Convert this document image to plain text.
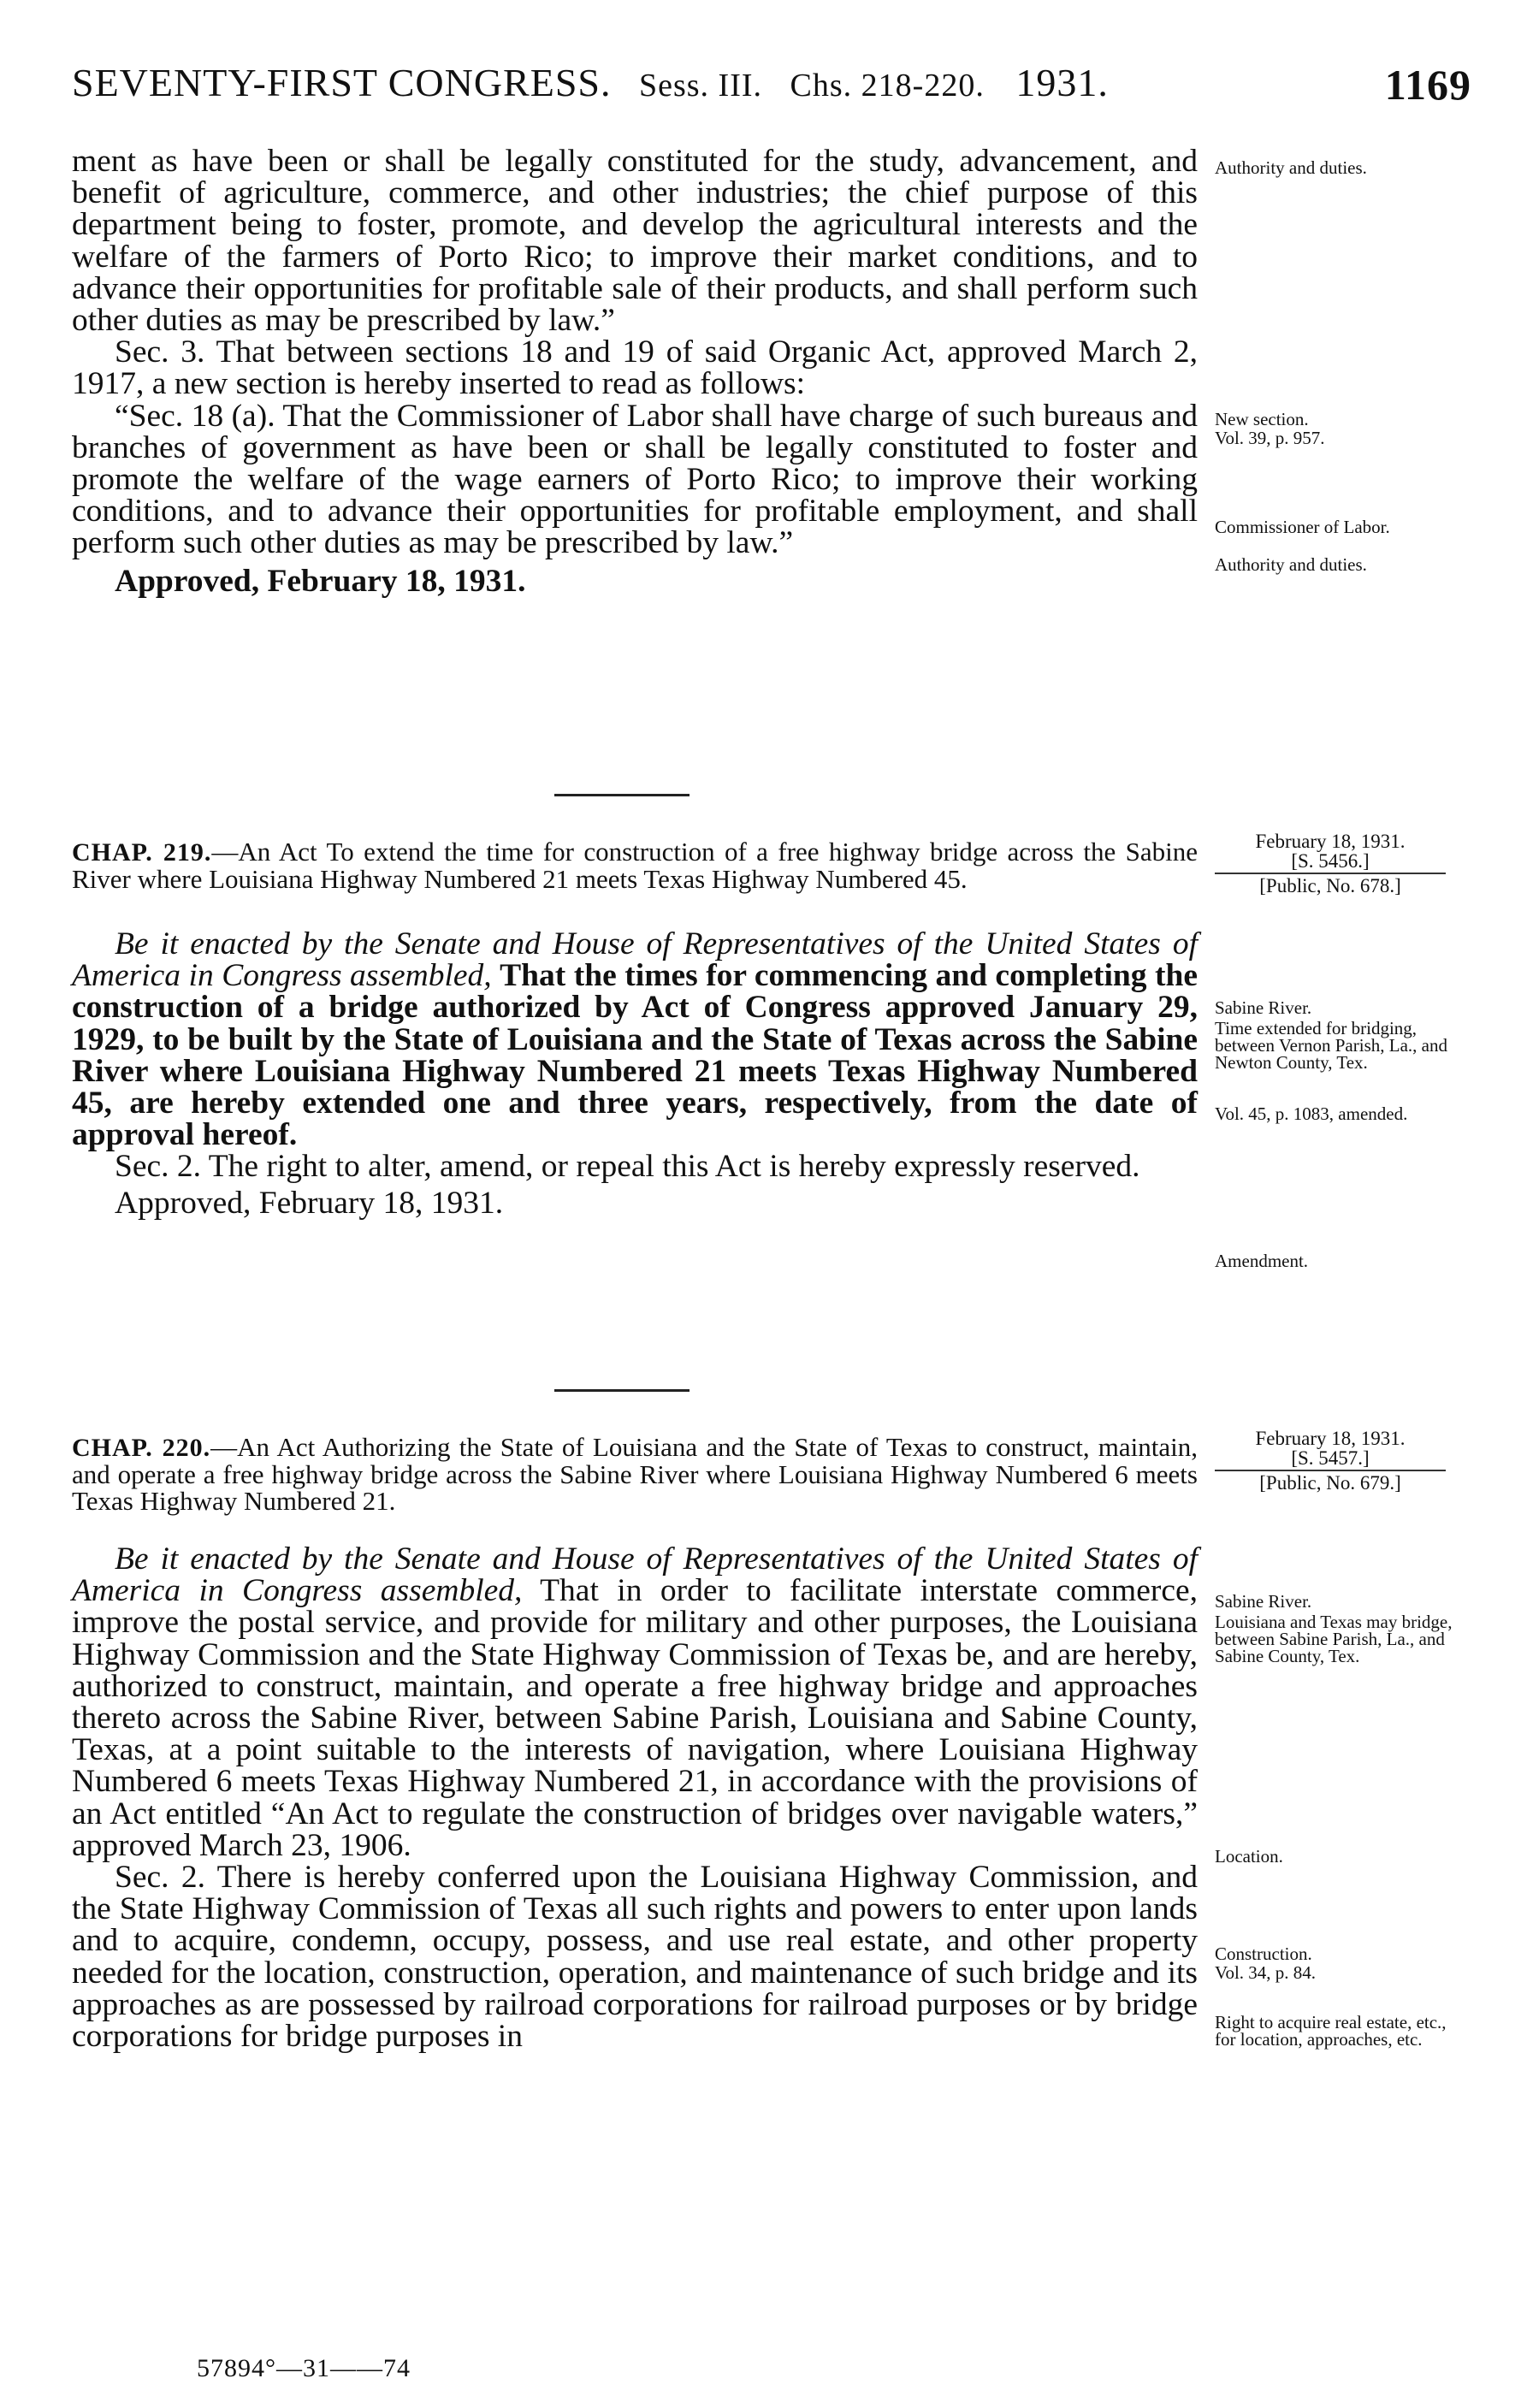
SEVENTY-FIRST CONGRESS. Sess. III. Chs. 218-220. 1931.	1169

ment as have been or shall be legally constituted for the study, advancement, and benefit of agriculture, commerce, and other industries; the chief purpose of this department being to foster, promote, and develop the agricultural interests and the welfare of the farmers of Porto Rico; to improve their market conditions, and to advance their opportunities for profitable sale of their products, and shall perform such other duties as may be prescribed by law.”

Sec. 3. That between sections 18 and 19 of said Organic Act, approved March 2, 1917, a new section is hereby inserted to read as follows:

“Sec. 18 (a). That the Commissioner of Labor shall have charge of such bureaus and branches of government as have been or shall be legally constituted to foster and promote the welfare of the wage earners of Porto Rico; to improve their working conditions, and to advance their opportunities for profitable employment, and shall perform such other duties as may be prescribed by law.”

Approved, February 18, 1931.

Authority and duties.
New section.
Vol. 39, p. 957.
Commissioner of Labor.
Authority and duties.

CHAP. 219.—An Act To extend the time for construction of a free highway bridge across the Sabine River where Louisiana Highway Numbered 21 meets Texas Highway Numbered 45.

Be it enacted by the Senate and House of Representatives of the United States of America in Congress assembled, That the times for commencing and completing the construction of a bridge authorized by Act of Congress approved January 29, 1929, to be built by the State of Louisiana and the State of Texas across the Sabine River where Louisiana Highway Numbered 21 meets Texas Highway Numbered 45, are hereby extended one and three years, respectively, from the date of approval hereof.

Sec. 2. The right to alter, amend, or repeal this Act is hereby expressly reserved.

Approved, February 18, 1931.

February 18, 1931.
[S. 5456.]
[Public, No. 678.]
Sabine River.
Time extended for bridging, between Vernon Parish, La., and Newton County, Tex.
Vol. 45, p. 1083, amended.
Amendment.

CHAP. 220.—An Act Authorizing the State of Louisiana and the State of Texas to construct, maintain, and operate a free highway bridge across the Sabine River where Louisiana Highway Numbered 6 meets Texas Highway Numbered 21.

Be it enacted by the Senate and House of Representatives of the United States of America in Congress assembled, That in order to facilitate interstate commerce, improve the postal service, and provide for military and other purposes, the Louisiana Highway Commission and the State Highway Commission of Texas be, and are hereby, authorized to construct, maintain, and operate a free highway bridge and approaches thereto across the Sabine River, between Sabine Parish, Louisiana and Sabine County, Texas, at a point suitable to the interests of navigation, where Louisiana Highway Numbered 6 meets Texas Highway Numbered 21, in accordance with the provisions of an Act entitled “An Act to regulate the construction of bridges over navigable waters,” approved March 23, 1906.

Sec. 2. There is hereby conferred upon the Louisiana Highway Commission, and the State Highway Commission of Texas all such rights and powers to enter upon lands and to acquire, condemn, occupy, possess, and use real estate, and other property needed for the location, construction, operation, and maintenance of such bridge and its approaches as are possessed by railroad corporations for railroad purposes or by bridge corporations for bridge purposes in

February 18, 1931.
[S. 5457.]
[Public, No. 679.]
Sabine River.
Louisiana and Texas may bridge, between Sabine Parish, La., and Sabine County, Tex.
Location.
Construction.
Vol. 34, p. 84.
Right to acquire real estate, etc., for location, approaches, etc.
57894°—31——74
